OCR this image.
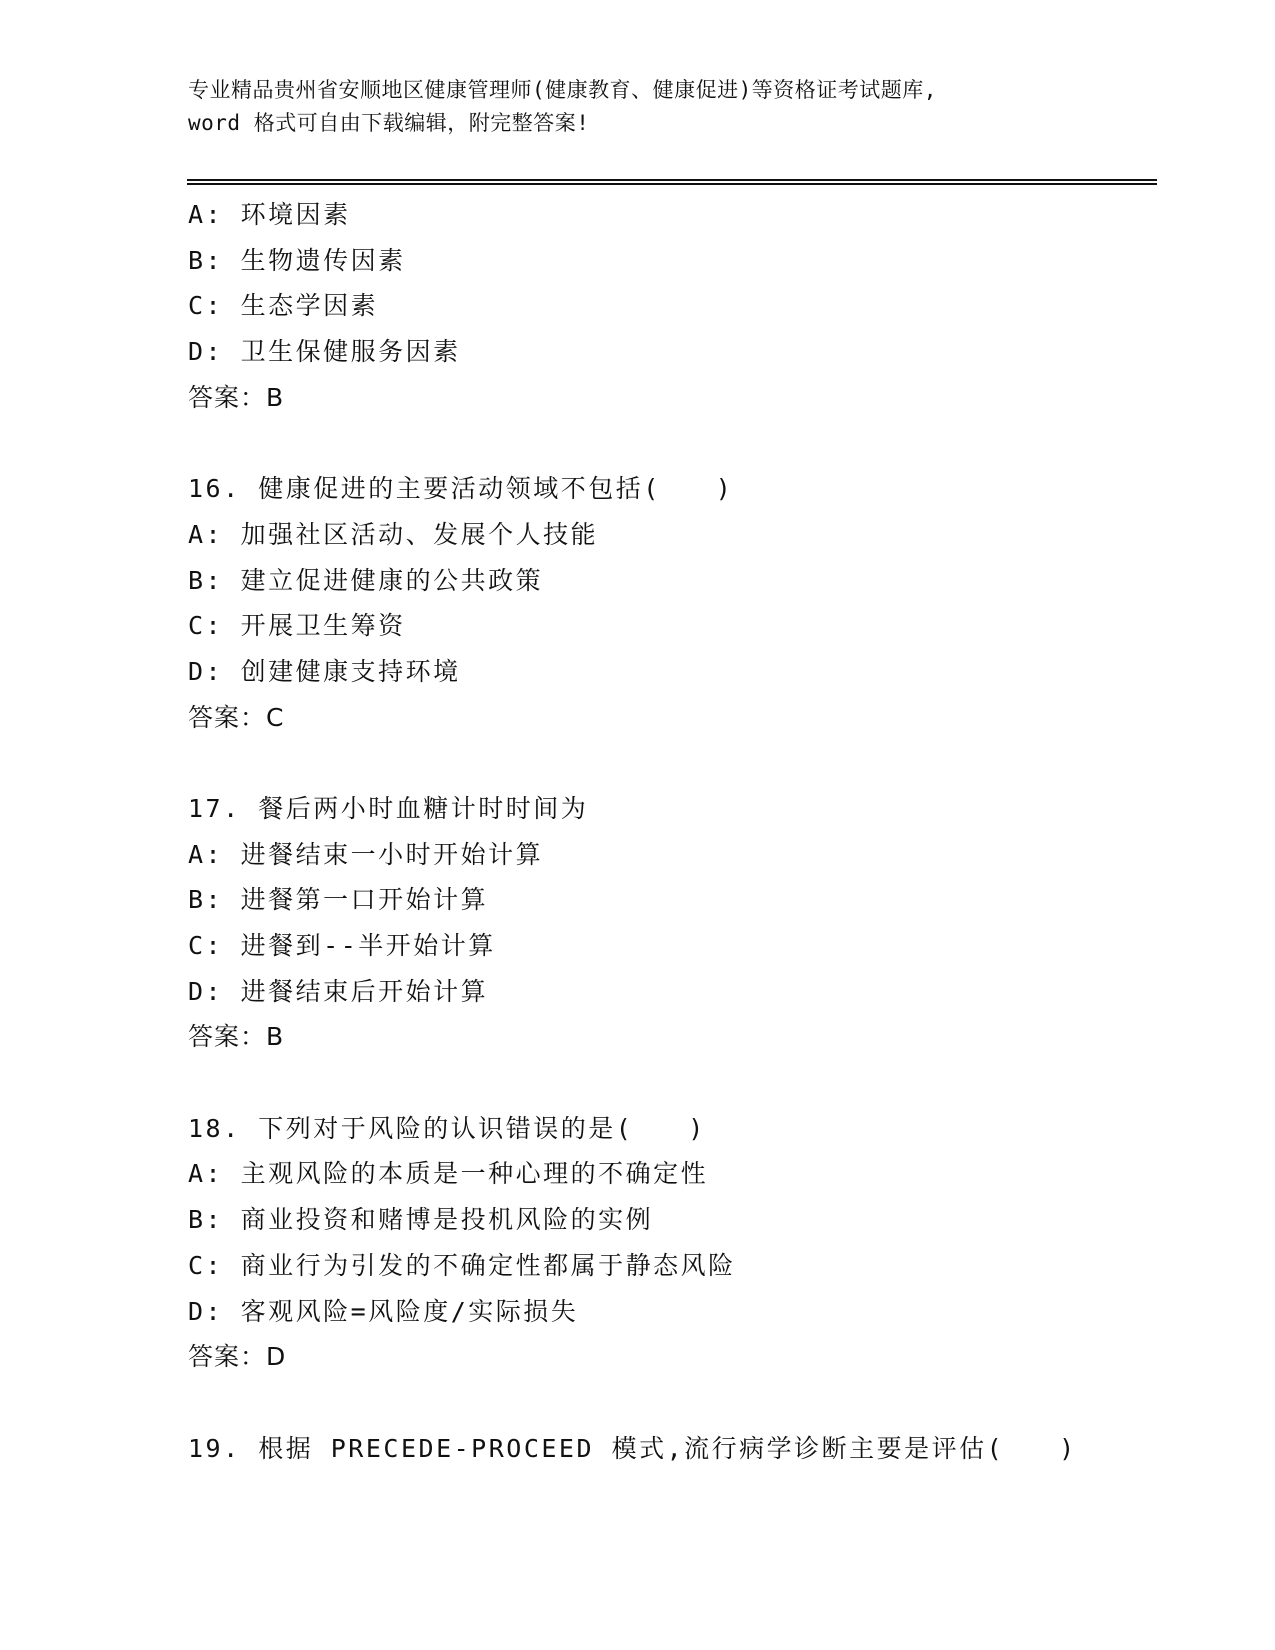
专业精品贵州省安顺地区健康管理师(健康教育、健康促进)等资格证考试题库,
word 格式可自由下载编辑，附完整答案!
A: 环境因素
B: 生物遗传因素
C: 生态学因素
D: 卫生保健服务因素
答案：B
16. 健康促进的主要活动领域不包括(　　)
A: 加强社区活动、发展个人技能
B: 建立促进健康的公共政策
C: 开展卫生筹资
D: 创建健康支持环境
答案：C
17. 餐后两小时血糖计时时间为
A: 进餐结束一小时开始计算
B: 进餐第一口开始计算
C: 进餐到--半开始计算
D: 进餐结束后开始计算
答案：B
18. 下列对于风险的认识错误的是(　　)
A: 主观风险的本质是一种心理的不确定性
B: 商业投资和赌博是投机风险的实例
C: 商业行为引发的不确定性都属于静态风险
D: 客观风险=风险度/实际损失
答案：D
19. 根据 PRECEDE-PROCEED 模式,流行病学诊断主要是评估(　　)
